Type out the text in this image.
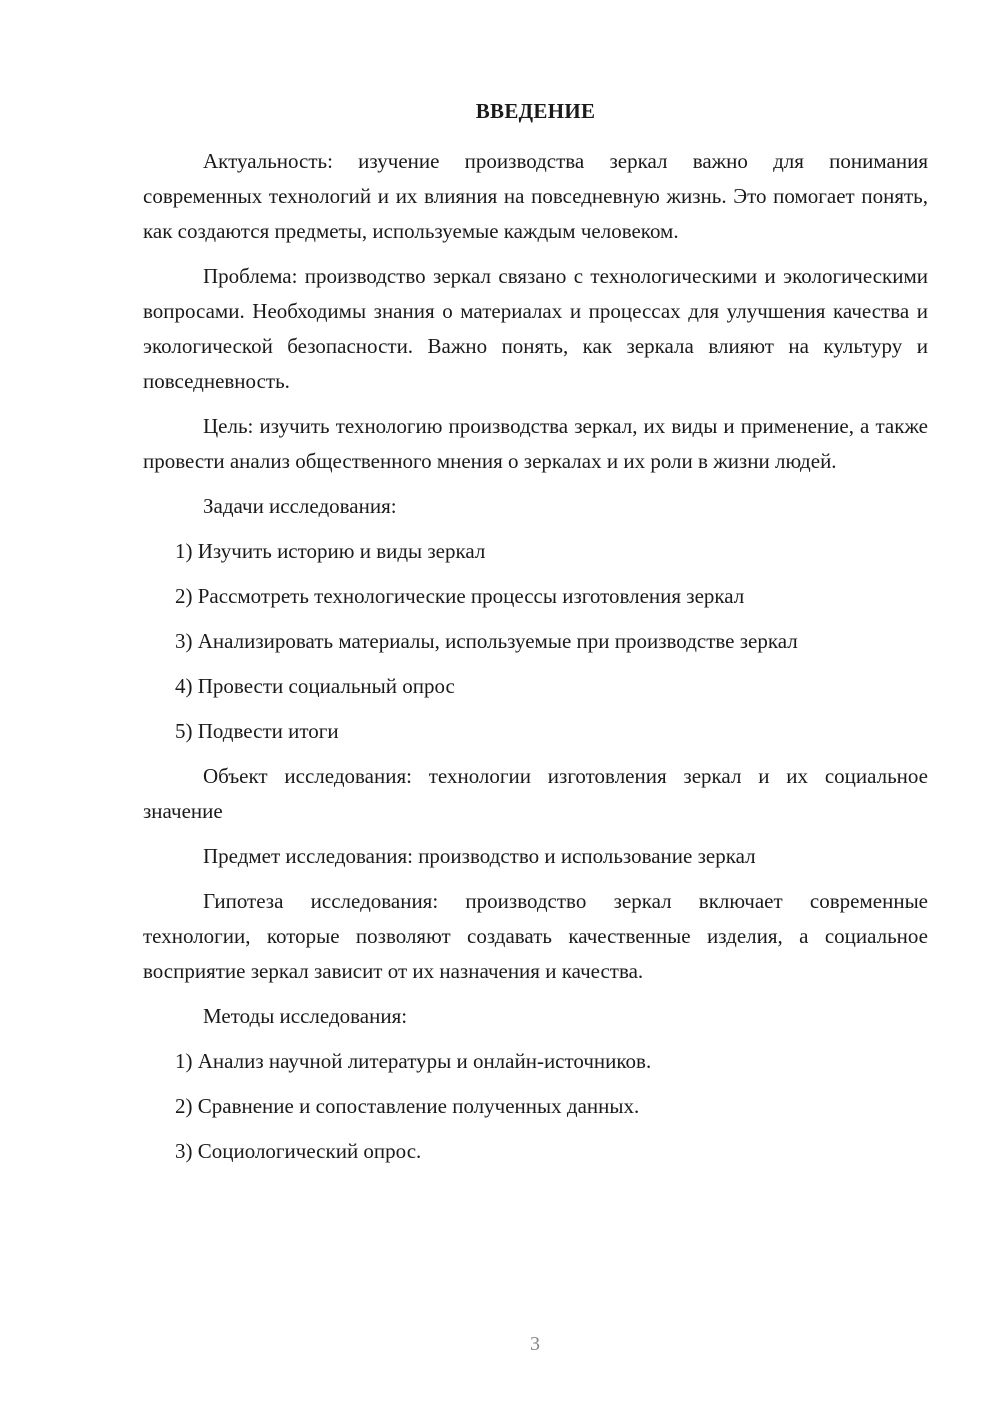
ВВЕДЕНИЕ

Актуальность: изучение производства зеркал важно для понимания современных технологий и их влияния на повседневную жизнь. Это помогает понять, как создаются предметы, используемые каждым человеком.

Проблема: производство зеркал связано с технологическими и экологическими вопросами. Необходимы знания о материалах и процессах для улучшения качества и экологической безопасности. Важно понять, как зеркала влияют на культуру и повседневность.

Цель: изучить технологию производства зеркал, их виды и применение, а также провести анализ общественного мнения о зеркалах и их роли в жизни людей.

Задачи исследования:
1) Изучить историю и виды зеркал
2) Рассмотреть технологические процессы изготовления зеркал
3) Анализировать материалы, используемые при производстве зеркал
4) Провести социальный опрос
5) Подвести итоги

Объект исследования: технологии изготовления зеркал и их социальное значение

Предмет исследования: производство и использование зеркал

Гипотеза исследования: производство зеркал включает современные технологии, которые позволяют создавать качественные изделия, а социальное восприятие зеркал зависит от их назначения и качества.

Методы исследования:
1) Анализ научной литературы и онлайн-источников.
2) Сравнение и сопоставление полученных данных.
3) Социологический опрос.
3
